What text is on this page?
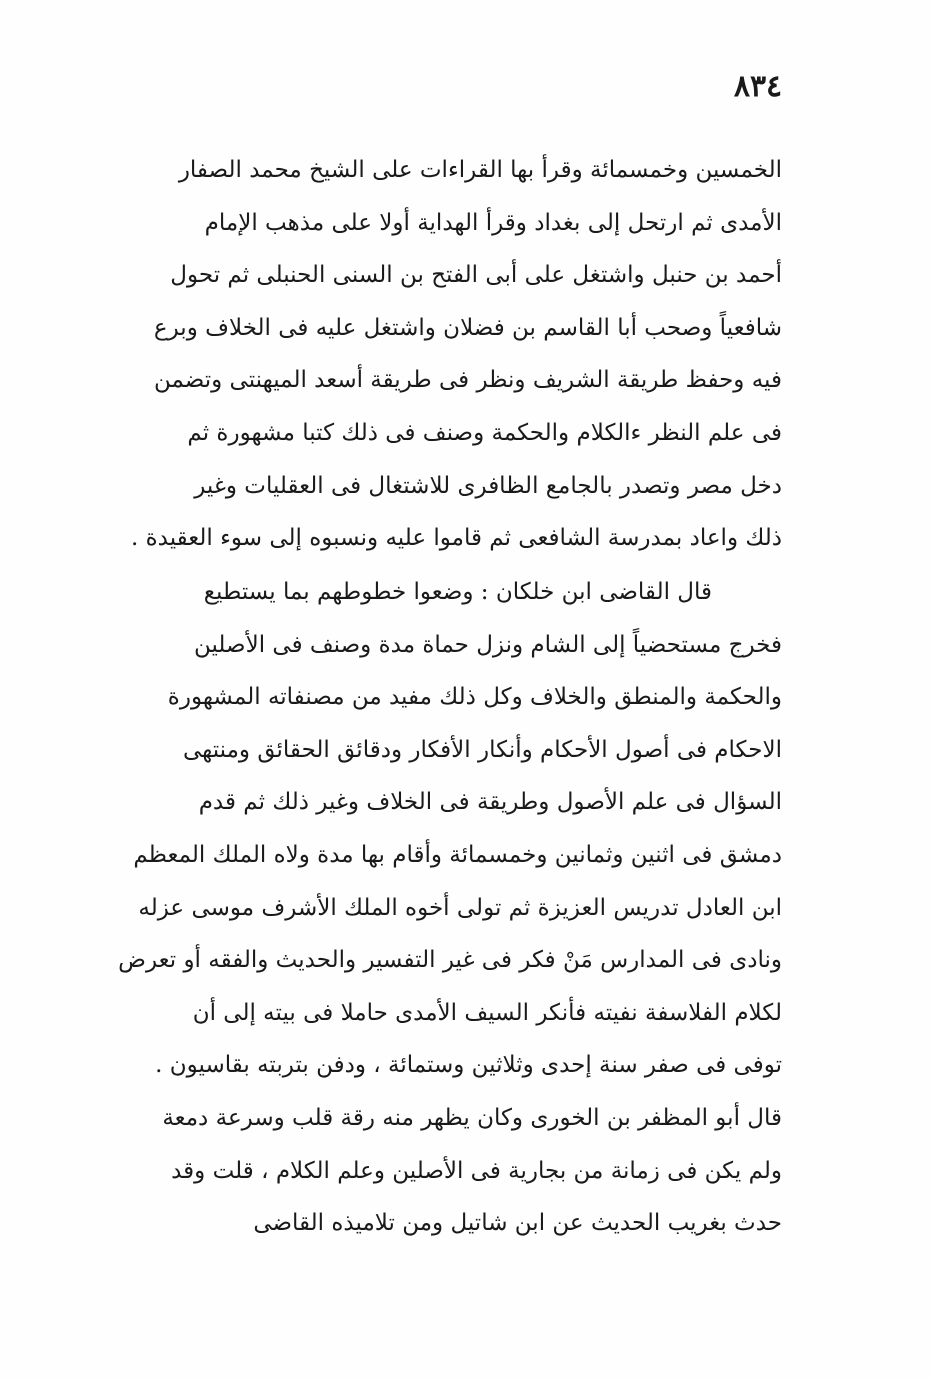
٨٣٤
الخمسين وخمسمائة وقرأ بها القراءات على الشيخ محمد الصفار
الأمدى ثم ارتحل إلى بغداد وقرأ الهداية أولا على مذهب الإمام
أحمد بن حنبل واشتغل على أبى الفتح بن السنى الحنبلى ثم تحول
شافعياً وصحب أبا القاسم بن فضلان واشتغل عليه فى الخلاف وبرع
فيه وحفظ طريقة الشريف ونظر فى طريقة أسعد الميهنتى وتضمن
فى علم النظر ءالكلام والحكمة وصنف فى ذلك كتبا مشهورة ثم
دخل مصر وتصدر بالجامع الظافرى للاشتغال فى العقليات وغير
ذلك واعاد بمدرسة الشافعى ثم قاموا عليه ونسبوه إلى سوء العقيدة .
قال القاضى ابن خلكان : وضعوا خطوطهم بما يستطيع
فخرج مستحضياً إلى الشام ونزل حماة مدة وصنف فى الأصلين
والحكمة والمنطق والخلاف وكل ذلك مفيد من مصنفاته المشهورة
الاحكام فى أصول الأحكام وأنكار الأفكار ودقائق الحقائق ومنتهى
السؤال فى علم الأصول وطريقة فى الخلاف وغير ذلك ثم قدم
دمشق فى اثنين وثمانين وخمسمائة وأقام بها مدة ولاه الملك المعظم
ابن العادل تدريس العزيزة ثم تولى أخوه الملك الأشرف موسى عزله
ونادى فى المدارس مَنْ فكر فى غير التفسير والحديث والفقه أو تعرض
لكلام الفلاسفة نفيته فأنكر السيف الأمدى حاملا فى بيته إلى أن
توفى فى صفر سنة إحدى وثلاثين وستمائة ، ودفن بتربته بقاسيون .
قال أبو المظفر بن الخورى وكان يظهر منه رقة قلب وسرعة دمعة
ولم يكن فى زمانة من بجارية فى الأصلين وعلم الكلام ، قلت وقد
حدث بغريب الحديث عن ابن شاتيل ومن تلاميذه القاضى
